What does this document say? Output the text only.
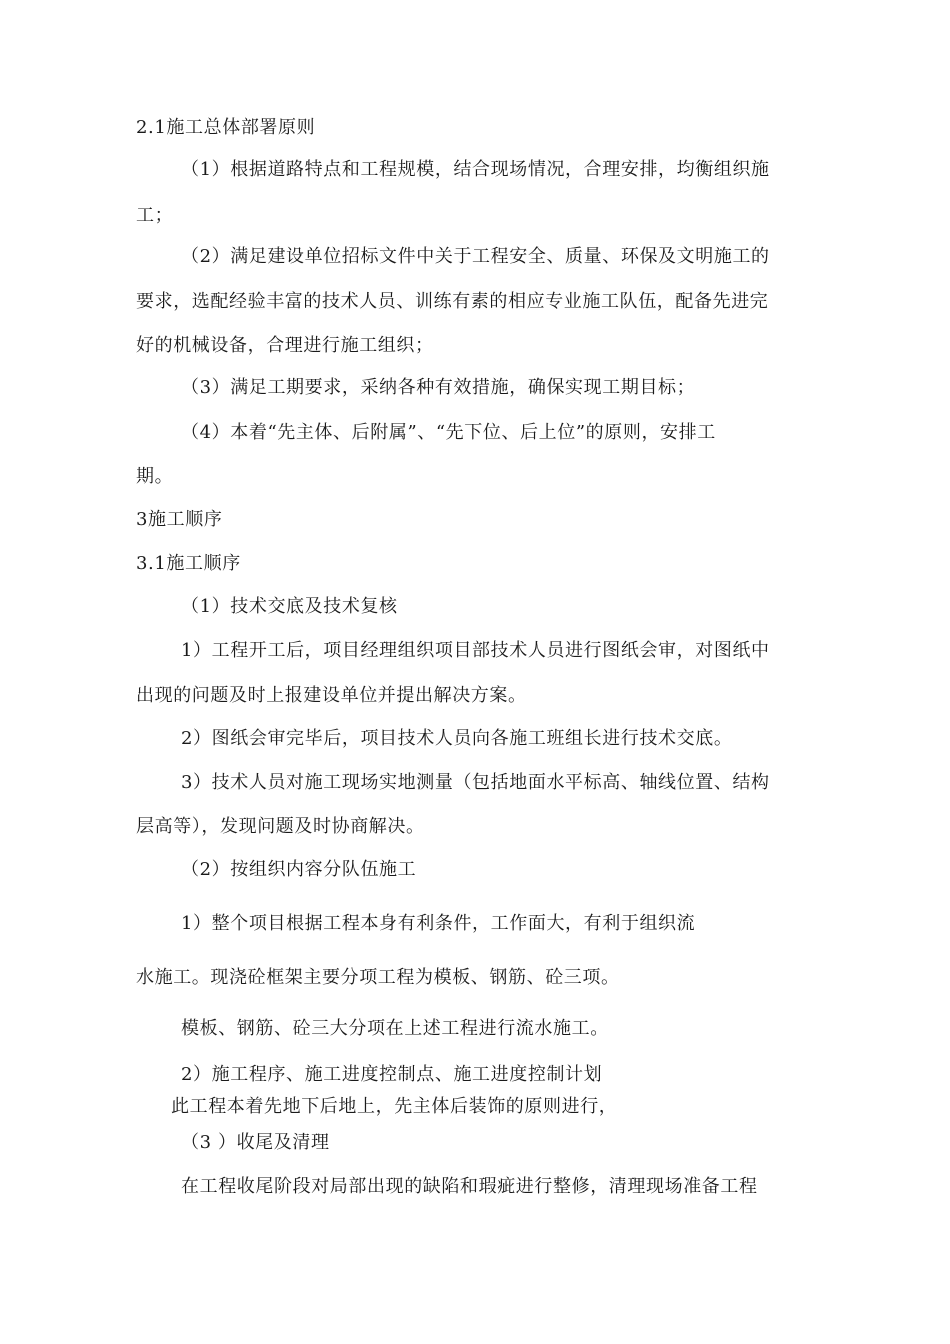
2.1施工总体部署原则
（1）根据道路特点和工程规模，结合现场情况，合理安排，均衡组织施
工；
（2）满足建设单位招标文件中关于工程安全、质量、环保及文明施工的
要求，选配经验丰富的技术人员、训练有素的相应专业施工队伍，配备先进完
好的机械设备，合理进行施工组织；
（3）满足工期要求，采纳各种有效措施，确保实现工期目标；
（4）本着“先主体、后附属”、“先下位、后上位”的原则，安排工
期。
3施工顺序
3.1施工顺序
（1）技术交底及技术复核
1）工程开工后，项目经理组织项目部技术人员进行图纸会审，对图纸中
出现的问题及时上报建设单位并提出解决方案。
2）图纸会审完毕后，项目技术人员向各施工班组长进行技术交底。
3）技术人员对施工现场实地测量（包括地面水平标高、轴线位置、结构
层高等），发现问题及时协商解决。
（2）按组织内容分队伍施工
1）整个项目根据工程本身有利条件，工作面大，有利于组织流
水施工。现浇砼框架主要分项工程为模板、钢筋、砼三项。
模板、钢筋、砼三大分项在上述工程进行流水施工。
2）施工程序、施工进度控制点、施工进度控制计划
此工程本着先地下后地上，先主体后装饰的原则进行，
（3 ）收尾及清理
在工程收尾阶段对局部出现的缺陷和瑕疵进行整修，清理现场准备工程
